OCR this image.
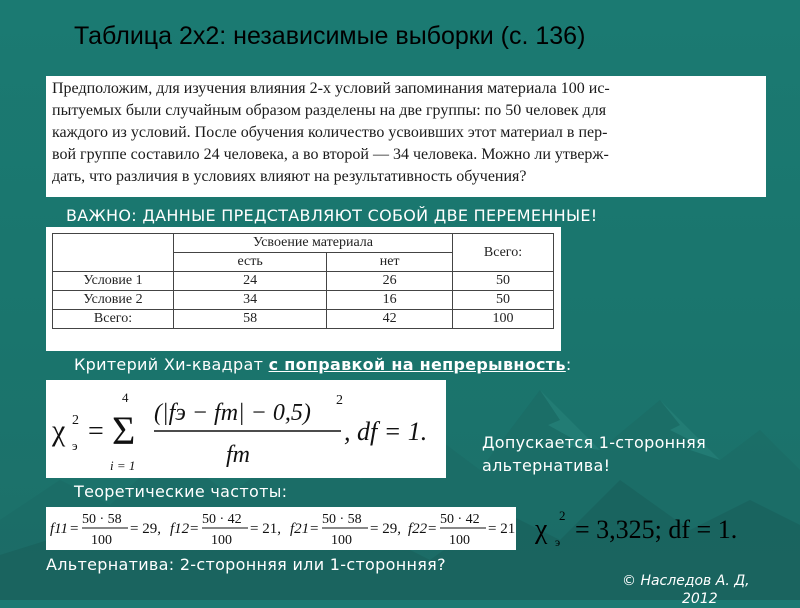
Таблица 2х2: независимые выборки (с. 136)
Предположим, для изучения влияния 2-х условий запоминания материала 100 ис-
пытуемых были случайным образом разделены на две группы: по 50 человек для
каждого из условий. После обучения количество усвоивших этот материал в пер-
вой группе составило 24 человека, а во второй — 34 человека. Можно ли утверж-
дать, что различия в условиях влияют на результативность обучения?
ВАЖНО: ДАННЫЕ ПРЕДСТАВЛЯЮТ СОБОЙ ДВЕ ПЕРЕМЕННЫЕ!
	Усвоение материала		Всего:
	есть	нет	
Условие 1	24	26	50
Условие 2	34	16	50
Всего:	58	42	100
Критерий Хи-квадрат с поправкой на непрерывность:
χ э
2 =
4
Σ
i = 1
(|fэ − fт| − 0,5) 2
fт
, df = 1.	Допускается 1-сторонняя
альтернатива!
Теоретические частоты:
f11 =
50 · 58
100
= 29, f12 =
50 · 42
100
= 21, f21 =
50 · 58
100
= 29, f22 =
50 · 42
100
= 21. χ э
2 = 3,325; df = 1.
Альтернатива: 2-сторонняя или 1-сторонняя?
© Наследов А. Д,
2012
